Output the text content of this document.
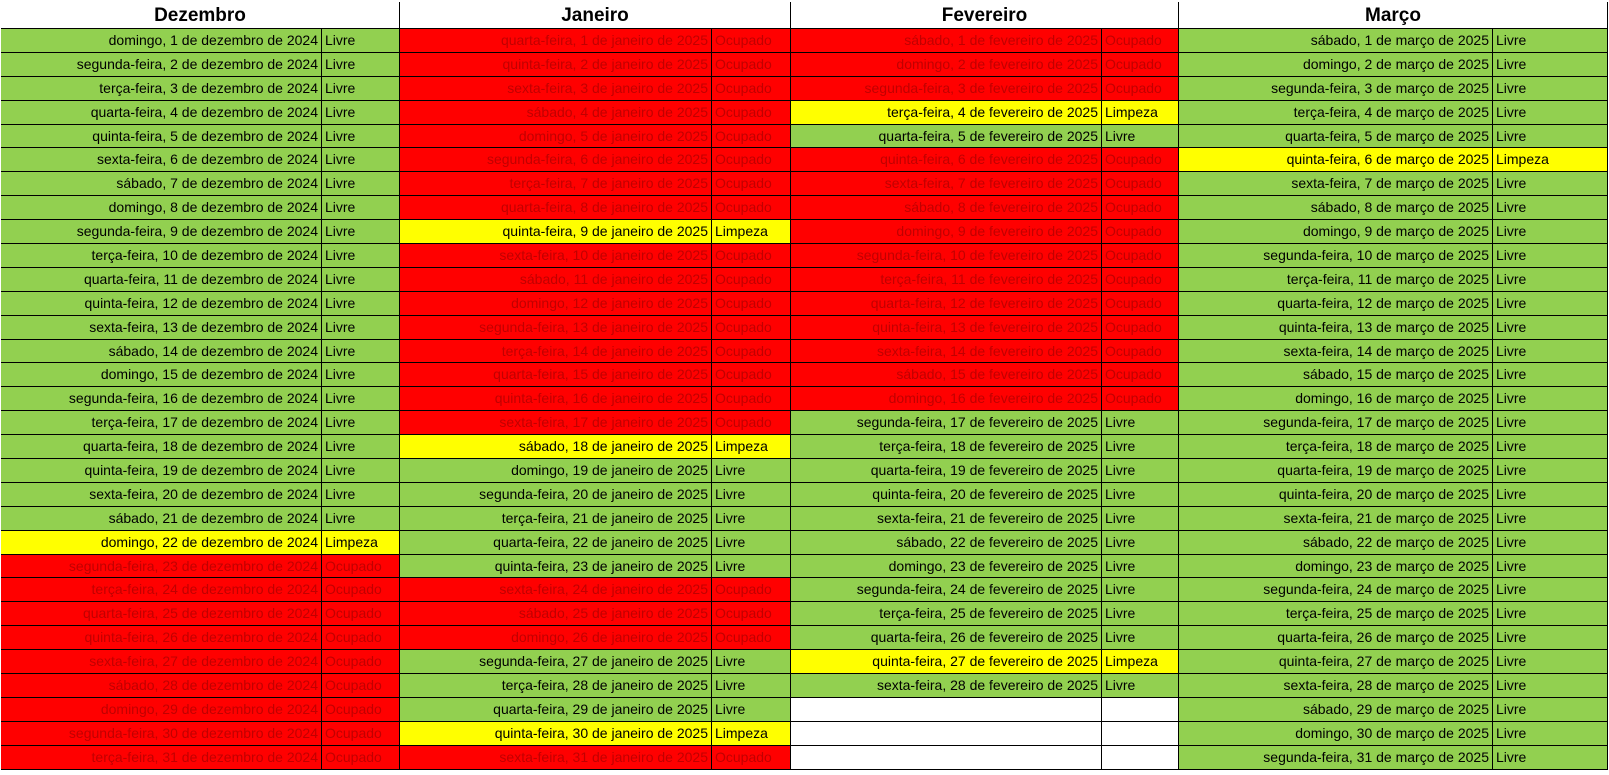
Dezembro
domingo, 1 de dezembro de 2024 Livre
segunda-feira, 2 de dezembro de 2024 Livre
terça-feira, 3 de dezembro de 2024 Livre
quarta-feira, 4 de dezembro de 2024 Livre
quinta-feira, 5 de dezembro de 2024 Livre
sexta-feira, 6 de dezembro de 2024 Livre
sábado, 7 de dezembro de 2024 Livre
domingo, 8 de dezembro de 2024 Livre
segunda-feira, 9 de dezembro de 2024 Livre
terça-feira, 10 de dezembro de 2024 Livre
quarta-feira, 11 de dezembro de 2024 Livre
quinta-feira, 12 de dezembro de 2024 Livre
sexta-feira, 13 de dezembro de 2024 Livre
sábado, 14 de dezembro de 2024 Livre
domingo, 15 de dezembro de 2024 Livre
segunda-feira, 16 de dezembro de 2024 Livre
terça-feira, 17 de dezembro de 2024 Livre
quarta-feira, 18 de dezembro de 2024 Livre
quinta-feira, 19 de dezembro de 2024 Livre
sexta-feira, 20 de dezembro de 2024 Livre
sábado, 21 de dezembro de 2024 Livre
domingo, 22 de dezembro de 2024 Limpeza
segunda-feira, 23 de dezembro de 2024 Ocupado
terça-feira, 24 de dezembro de 2024 Ocupado
quarta-feira, 25 de dezembro de 2024 Ocupado
quinta-feira, 26 de dezembro de 2024 Ocupado
sexta-feira, 27 de dezembro de 2024 Ocupado
sábado, 28 de dezembro de 2024 Ocupado
domingo, 29 de dezembro de 2024 Ocupado
segunda-feira, 30 de dezembro de 2024 Ocupado
terça-feira, 31 de dezembro de 2024 Ocupado
Janeiro
quarta-feira, 1 de janeiro de 2025 Ocupado
quinta-feira, 2 de janeiro de 2025 Ocupado
sexta-feira, 3 de janeiro de 2025 Ocupado
sábado, 4 de janeiro de 2025 Ocupado
domingo, 5 de janeiro de 2025 Ocupado
segunda-feira, 6 de janeiro de 2025 Ocupado
terça-feira, 7 de janeiro de 2025 Ocupado
quarta-feira, 8 de janeiro de 2025 Ocupado
quinta-feira, 9 de janeiro de 2025 Limpeza
sexta-feira, 10 de janeiro de 2025 Ocupado
sábado, 11 de janeiro de 2025 Ocupado
domingo, 12 de janeiro de 2025 Ocupado
segunda-feira, 13 de janeiro de 2025 Ocupado
terça-feira, 14 de janeiro de 2025 Ocupado
quarta-feira, 15 de janeiro de 2025 Ocupado
quinta-feira, 16 de janeiro de 2025 Ocupado
sexta-feira, 17 de janeiro de 2025 Ocupado
sábado, 18 de janeiro de 2025 Limpeza
domingo, 19 de janeiro de 2025 Livre
segunda-feira, 20 de janeiro de 2025 Livre
terça-feira, 21 de janeiro de 2025 Livre
quarta-feira, 22 de janeiro de 2025 Livre
quinta-feira, 23 de janeiro de 2025 Livre
sexta-feira, 24 de janeiro de 2025 Ocupado
sábado, 25 de janeiro de 2025 Ocupado
domingo, 26 de janeiro de 2025 Ocupado
segunda-feira, 27 de janeiro de 2025 Livre
terça-feira, 28 de janeiro de 2025 Livre
quarta-feira, 29 de janeiro de 2025 Livre
quinta-feira, 30 de janeiro de 2025 Limpeza
sexta-feira, 31 de janeiro de 2025 Ocupado
Fevereiro
sábado, 1 de fevereiro de 2025 Ocupado
domingo, 2 de fevereiro de 2025 Ocupado
segunda-feira, 3 de fevereiro de 2025 Ocupado
terça-feira, 4 de fevereiro de 2025 Limpeza
quarta-feira, 5 de fevereiro de 2025 Livre
quinta-feira, 6 de fevereiro de 2025 Ocupado
sexta-feira, 7 de fevereiro de 2025 Ocupado
sábado, 8 de fevereiro de 2025 Ocupado
domingo, 9 de fevereiro de 2025 Ocupado
segunda-feira, 10 de fevereiro de 2025 Ocupado
terça-feira, 11 de fevereiro de 2025 Ocupado
quarta-feira, 12 de fevereiro de 2025 Ocupado
quinta-feira, 13 de fevereiro de 2025 Ocupado
sexta-feira, 14 de fevereiro de 2025 Ocupado
sábado, 15 de fevereiro de 2025 Ocupado
domingo, 16 de fevereiro de 2025 Ocupado
segunda-feira, 17 de fevereiro de 2025 Livre
terça-feira, 18 de fevereiro de 2025 Livre
quarta-feira, 19 de fevereiro de 2025 Livre
quinta-feira, 20 de fevereiro de 2025 Livre
sexta-feira, 21 de fevereiro de 2025 Livre
sábado, 22 de fevereiro de 2025 Livre
domingo, 23 de fevereiro de 2025 Livre
segunda-feira, 24 de fevereiro de 2025 Livre
terça-feira, 25 de fevereiro de 2025 Livre
quarta-feira, 26 de fevereiro de 2025 Livre
quinta-feira, 27 de fevereiro de 2025 Limpeza
sexta-feira, 28 de fevereiro de 2025 Livre
Março
sábado, 1 de março de 2025 Livre
domingo, 2 de março de 2025 Livre
segunda-feira, 3 de março de 2025 Livre
terça-feira, 4 de março de 2025 Livre
quarta-feira, 5 de março de 2025 Livre
quinta-feira, 6 de março de 2025 Limpeza
sexta-feira, 7 de março de 2025 Livre
sábado, 8 de março de 2025 Livre
domingo, 9 de março de 2025 Livre
segunda-feira, 10 de março de 2025 Livre
terça-feira, 11 de março de 2025 Livre
quarta-feira, 12 de março de 2025 Livre
quinta-feira, 13 de março de 2025 Livre
sexta-feira, 14 de março de 2025 Livre
sábado, 15 de março de 2025 Livre
domingo, 16 de março de 2025 Livre
segunda-feira, 17 de março de 2025 Livre
terça-feira, 18 de março de 2025 Livre
quarta-feira, 19 de março de 2025 Livre
quinta-feira, 20 de março de 2025 Livre
sexta-feira, 21 de março de 2025 Livre
sábado, 22 de março de 2025 Livre
domingo, 23 de março de 2025 Livre
segunda-feira, 24 de março de 2025 Livre
terça-feira, 25 de março de 2025 Livre
quarta-feira, 26 de março de 2025 Livre
quinta-feira, 27 de março de 2025 Livre
sexta-feira, 28 de março de 2025 Livre
sábado, 29 de março de 2025 Livre
domingo, 30 de março de 2025 Livre
segunda-feira, 31 de março de 2025 Livre
